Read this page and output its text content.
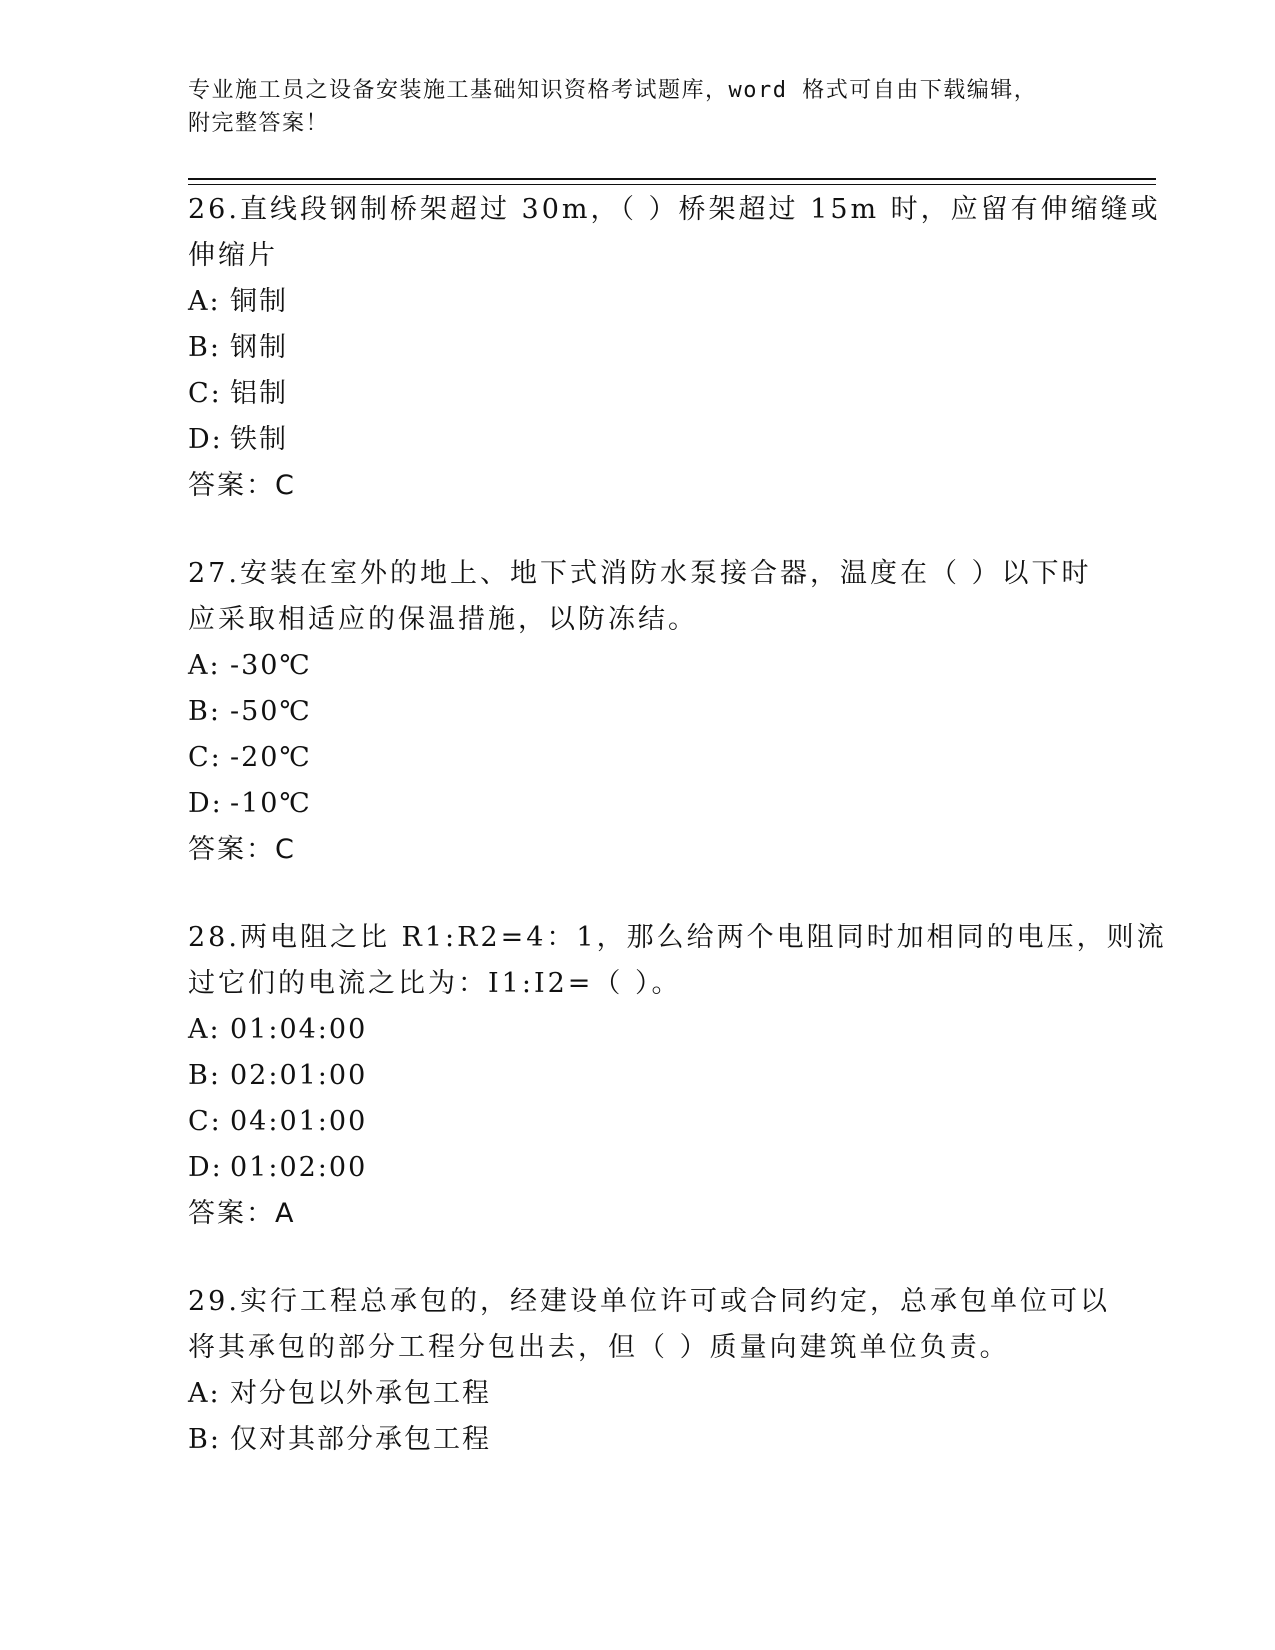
专业施工员之设备安装施工基础知识资格考试题库，word 格式可自由下载编辑，
附完整答案！
26.直线段钢制桥架超过 30m，（ ）桥架超过 15m 时，应留有伸缩缝或
伸缩片
A: 铜制
B: 钢制
C: 铝制
D: 铁制
答案：C
27.安装在室外的地上、地下式消防水泵接合器，温度在（ ）以下时
应采取相适应的保温措施，以防冻结。
A: -30℃
B: -50℃
C: -20℃
D: -10℃
答案：C
28.两电阻之比 R1:R2=4：1，那么给两个电阻同时加相同的电压，则流
过它们的电流之比为：I1:I2=（ ）。
A: 01:04:00
B: 02:01:00
C: 04:01:00
D: 01:02:00
答案：A
29.实行工程总承包的，经建设单位许可或合同约定，总承包单位可以
将其承包的部分工程分包出去，但（ ）质量向建筑单位负责。
A: 对分包以外承包工程
B: 仅对其部分承包工程
